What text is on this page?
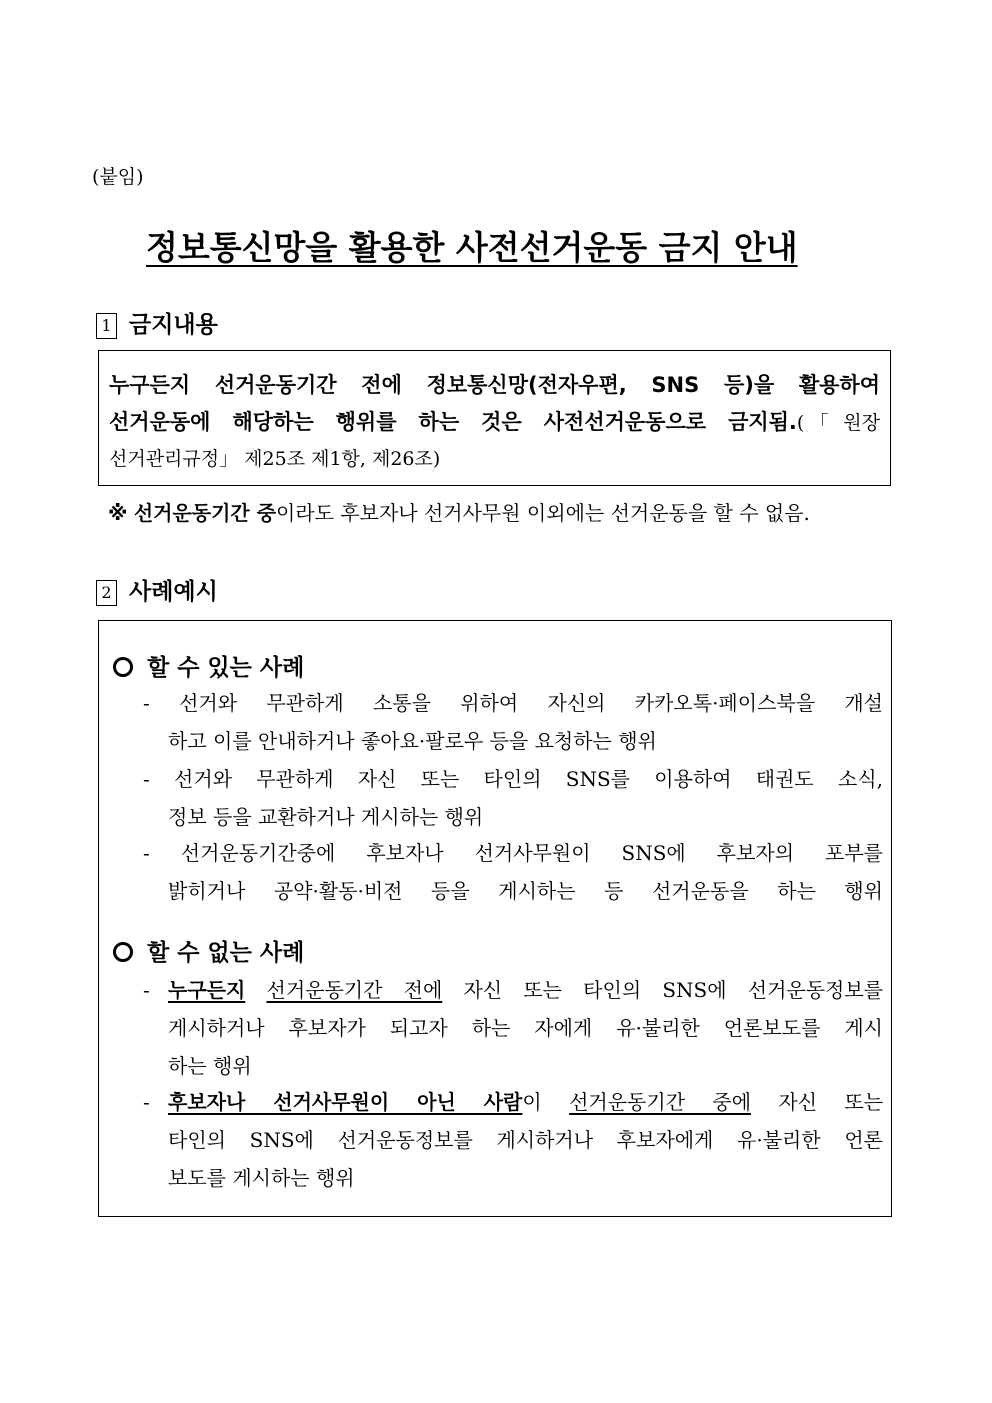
(붙임)
정보통신망을 활용한 사전선거운동 금지 안내
1 금지내용
누구든지 선거운동기간 전에 정보통신망(전자우편, SNS 등)을 활용하여
선거운동에 해당하는 행위를 하는 것은 사전선거운동으로 금지됨.(「원장
선거관리규정」 제25조 제1항, 제26조)
※ 선거운동기간 중이라도 후보자나 선거사무원 이외에는 선거운동을 할 수 없음.
2 사례예시
할 수 있는 사례
- 선거와 무관하게 소통을 위하여 자신의 카카오톡·페이스북을 개설
하고 이를 안내하거나 좋아요·팔로우 등을 요청하는 행위
- 선거와 무관하게 자신 또는 타인의 SNS를 이용하여 태권도 소식,
정보 등을 교환하거나 게시하는 행위
- 선거운동기간중에 후보자나 선거사무원이 SNS에 후보자의 포부를
밝히거나 공약·활동·비전 등을 게시하는 등 선거운동을 하는 행위
할 수 없는 사례
- 누구든지 선거운동기간 전에 자신 또는 타인의 SNS에 선거운동정보를
게시하거나 후보자가 되고자 하는 자에게 유·불리한 언론보도를 게시
하는 행위
- 후보자나 선거사무원이 아닌 사람이 선거운동기간 중에 자신 또는
타인의 SNS에 선거운동정보를 게시하거나 후보자에게 유·불리한 언론
보도를 게시하는 행위
